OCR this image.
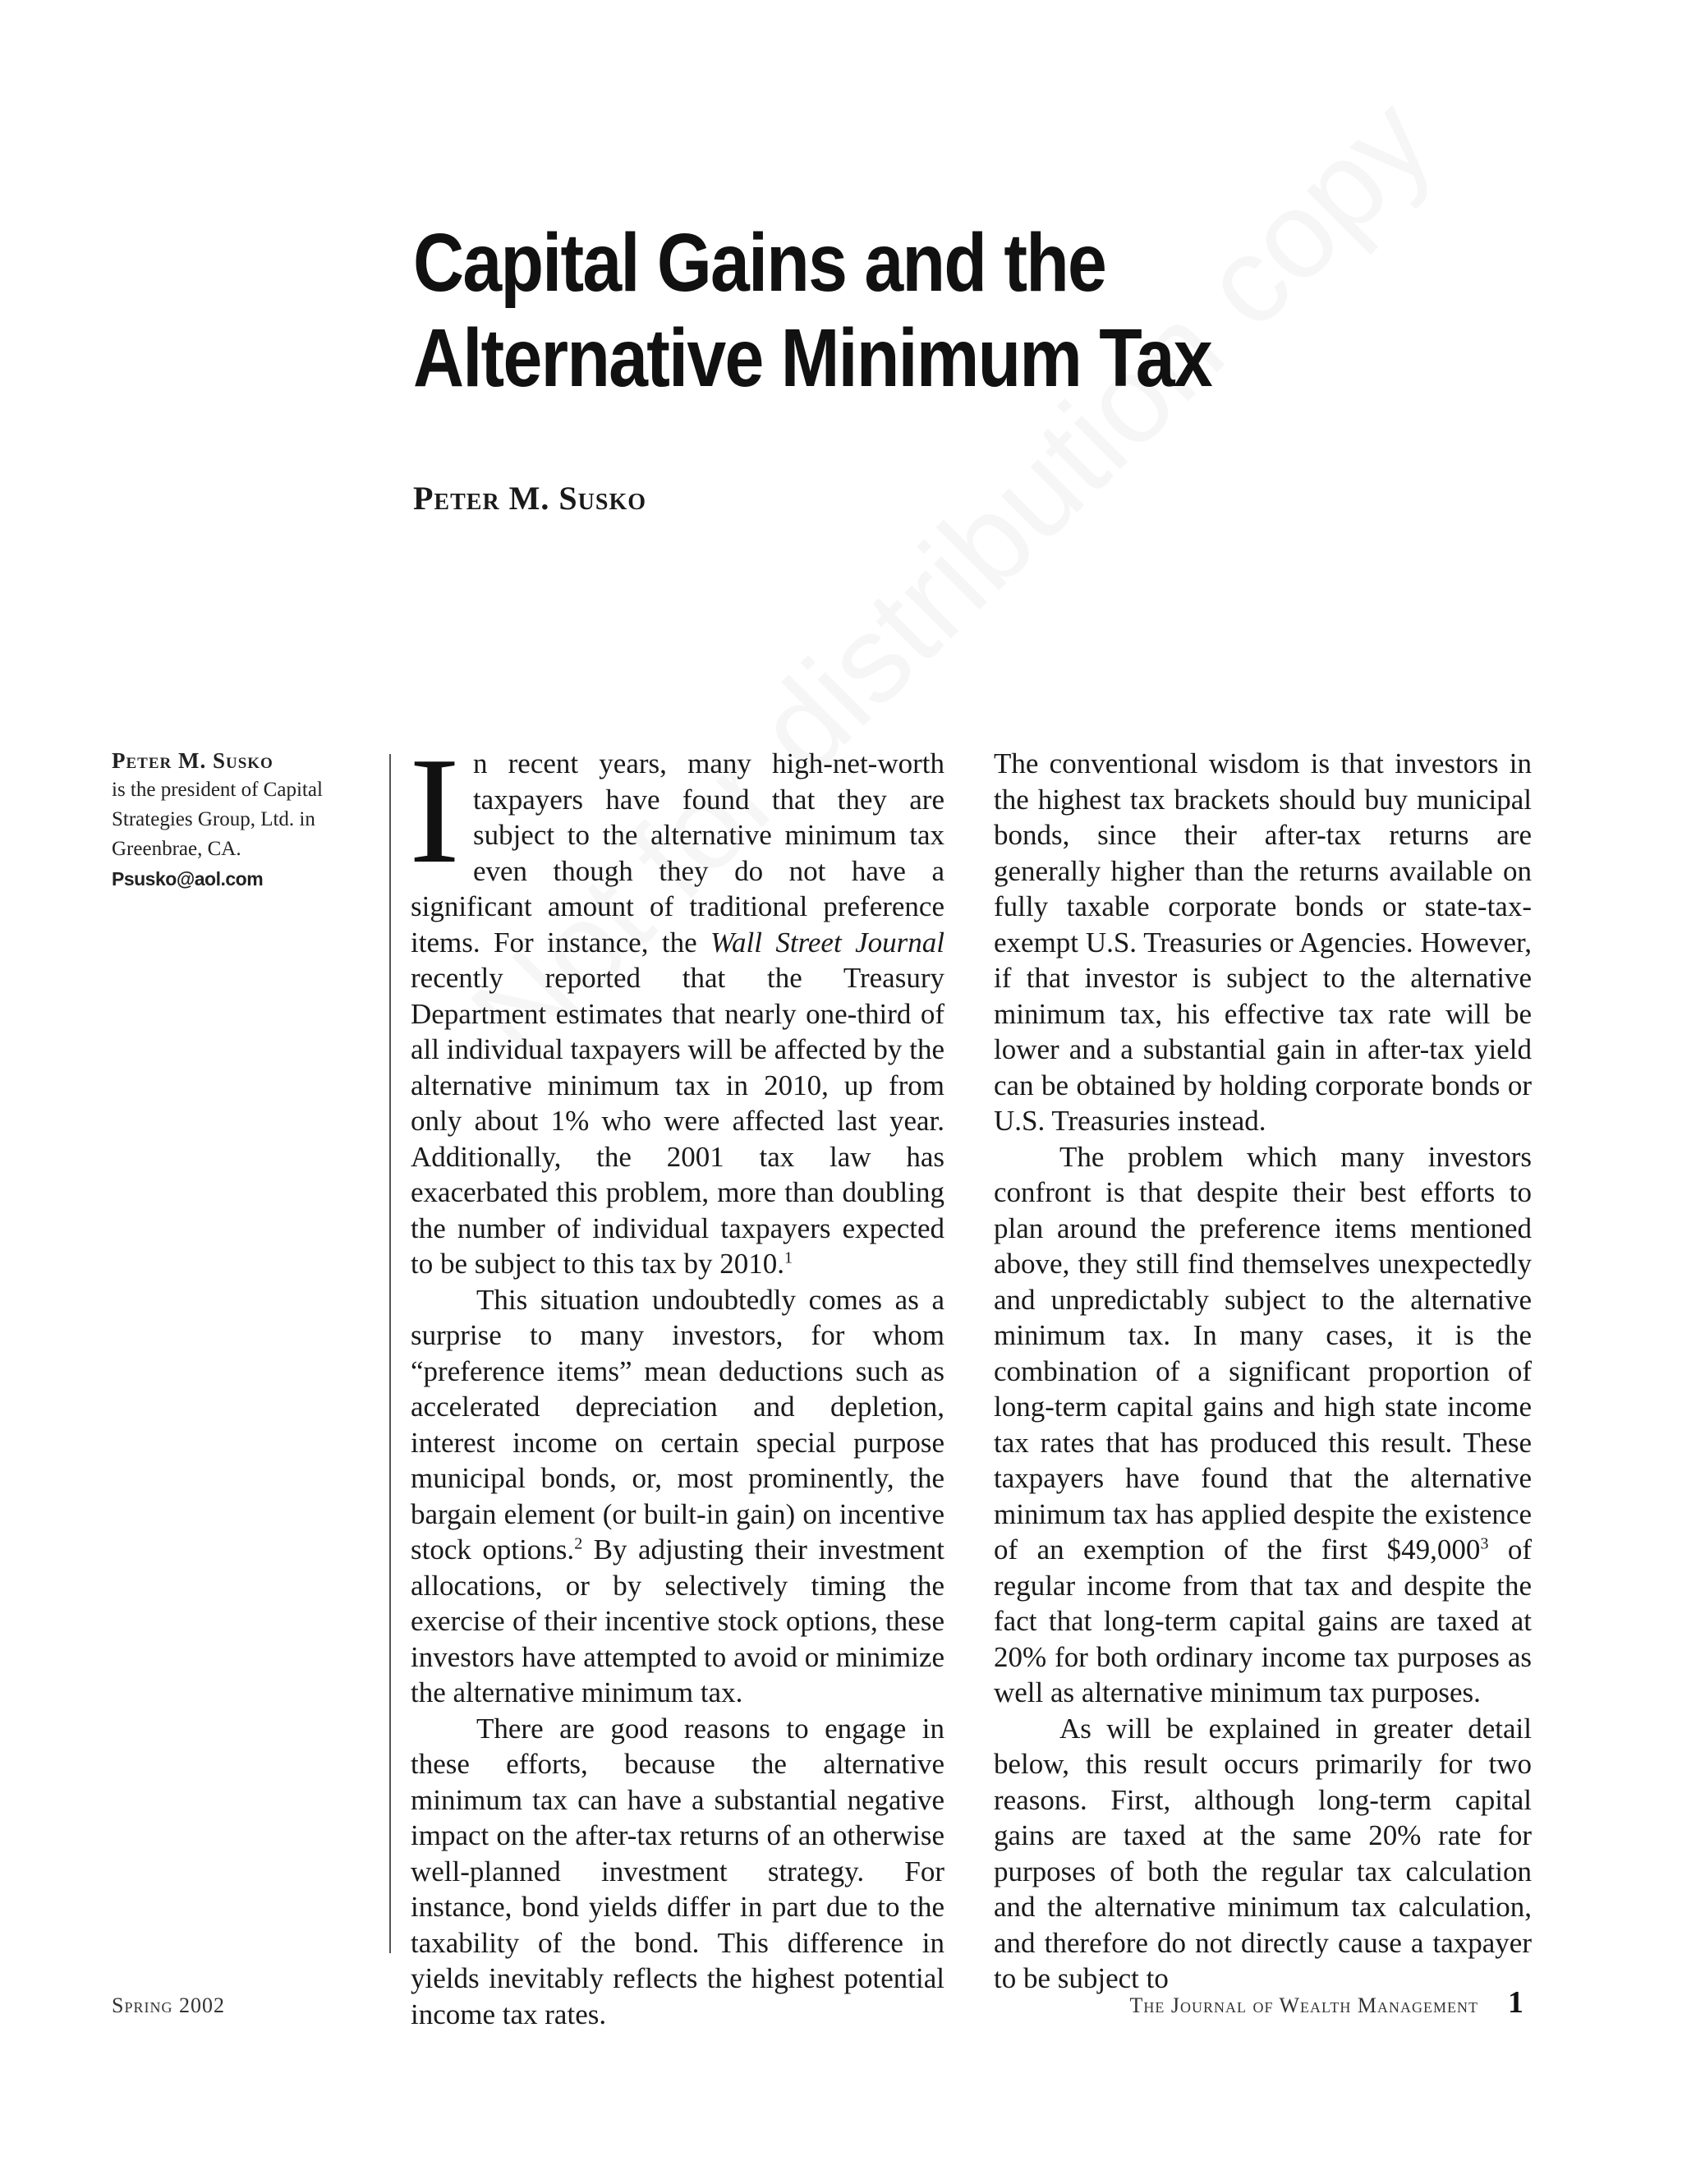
Capital Gains and the
Alternative Minimum Tax
Peter M. Susko
Peter M. Susko

is the president of Capital
Strategies Group, Ltd. in
Greenbrae, CA.

Psusko@aol.com In recent years, many high-net-worth taxpayers have found that they are subject to the alternative minimum tax even though they do not have a significant amount of traditional preference items. For instance, the Wall Street Journal recently reported that the Treasury Department estimates that nearly one-third of all individual taxpayers will be affected by the alternative minimum tax in 2010, up from only about 1% who were affected last year. Additionally, the 2001 tax law has exacerbated this problem, more than doubling the number of individual taxpayers expected to be subject to this tax by 2010.$^1$

This situation undoubtedly comes as a surprise to many investors, for whom “preference items” mean deductions such as accelerated depreciation and depletion, interest income on certain special purpose municipal bonds, or, most prominently, the bargain element (or built-in gain) on incentive stock options.$^2$ By adjusting their investment allocations, or by selectively timing the exercise of their incentive stock options, these investors have attempted to avoid or minimize the alternative minimum tax.

There are good reasons to engage in these efforts, because the alternative minimum tax can have a substantial negative impact on the after-tax returns of an otherwise well-planned investment strategy. For instance, bond yields differ in part due to the taxability of the bond. This difference in yields inevitably reflects the highest potential income tax rates.

The conventional wisdom is that investors in the highest tax brackets should buy municipal bonds, since their after-tax returns are generally higher than the returns available on fully taxable corporate bonds or state-tax-exempt U.S. Treasuries or Agencies. However, if that investor is subject to the alternative minimum tax, his effective tax rate will be lower and a substantial gain in after-tax yield can be obtained by holding corporate bonds or U.S. Treasuries instead.

The problem which many investors confront is that despite their best efforts to plan around the preference items mentioned above, they still find themselves unexpectedly and unpredictably subject to the alternative minimum tax. In many cases, it is the combination of a significant proportion of long-term capital gains and high state income tax rates that has produced this result. These taxpayers have found that the alternative minimum tax has applied despite the existence of an exemption of the first $49,000$^3$ of regular income from that tax and despite the fact that long-term capital gains are taxed at 20% for both ordinary income tax purposes as well as alternative minimum tax purposes.

As will be explained in greater detail below, this result occurs primarily for two reasons. First, although long-term capital gains are taxed at the same 20% rate for purposes of both the regular tax calculation and the alternative minimum tax calculation, and therefore do not directly cause a taxpayer to be subject to

Spring 2002	The Journal of Wealth Management 1
